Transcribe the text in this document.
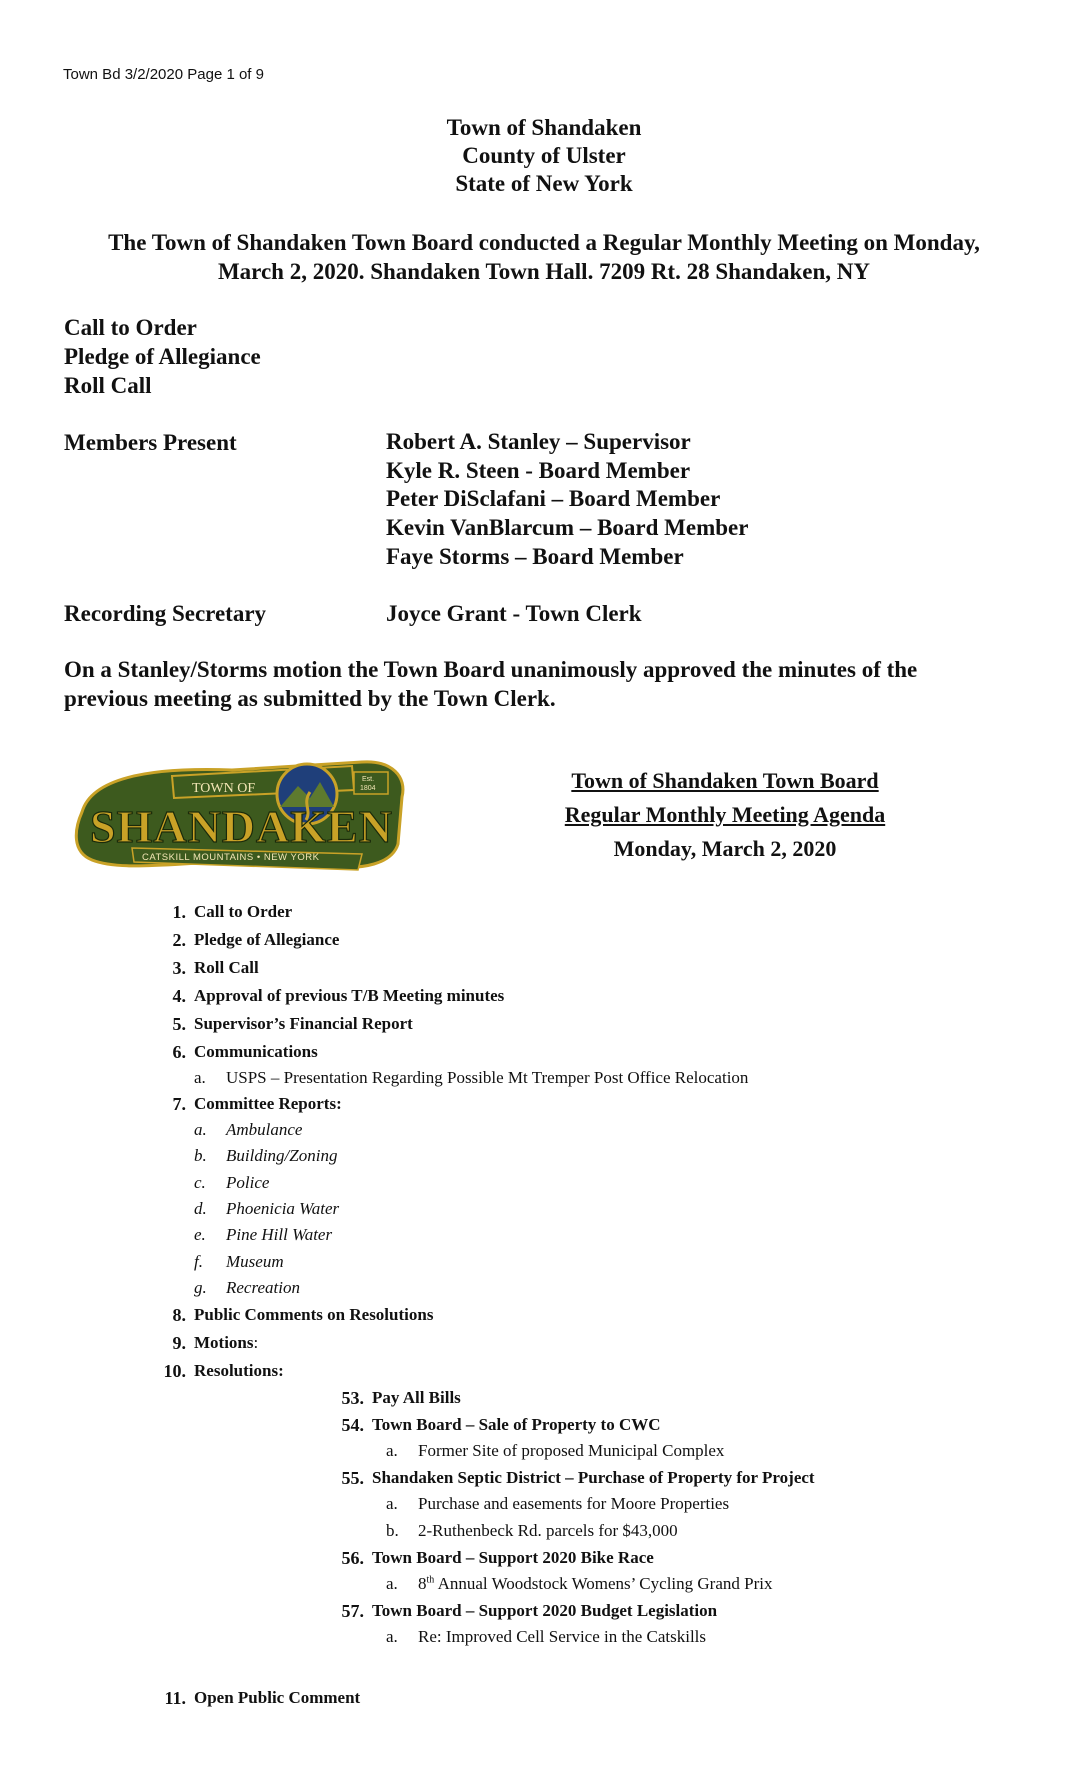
Town Bd 3/2/2020 Page 1 of 9
Town of Shandaken
County of Ulster
State of New York
The Town of Shandaken Town Board conducted a Regular Monthly Meeting on Monday,
March 2, 2020. Shandaken Town Hall. 7209 Rt. 28 Shandaken, NY
Call to Order
Pledge of Allegiance
Roll Call
Members Present	Robert A. Stanley – Supervisor
Kyle R. Steen - Board Member
Peter DiSclafani – Board Member
Kevin VanBlarcum – Board Member
Faye Storms – Board Member
Recording Secretary	Joyce Grant - Town Clerk
On a Stanley/Storms motion the Town Board unanimously approved the minutes of the
previous meeting as submitted by the Town Clerk.
TOWN OF
Est.
1804
SHANDAKEN
CATSKILL MOUNTAINS • NEW YORK
Town of Shandaken Town Board
Regular Monthly Meeting Agenda
Monday, March 2, 2020
1. Call to Order
2. Pledge of Allegiance
3. Roll Call
4. Approval of previous T/B Meeting minutes
5. Supervisor’s Financial Report
6. Communications
a.	USPS – Presentation Regarding Possible Mt Tremper Post Office Relocation
7. Committee Reports:
a.	Ambulance
b.	Building/Zoning
c.	Police
d.	Phoenicia Water
e.	Pine Hill Water
f.	Museum
g.	Recreation
8. Public Comments on Resolutions
9. Motions:
10. Resolutions:
53. Pay All Bills
54. Town Board – Sale of Property to CWC
a.	Former Site of proposed Municipal Complex
55. Shandaken Septic District – Purchase of Property for Project
a.	Purchase and easements for Moore Properties
b.	2-Ruthenbeck Rd. parcels for $43,000
56. Town Board – Support 2020 Bike Race
a.	8th Annual Woodstock Womens’ Cycling Grand Prix
57. Town Board – Support 2020 Budget Legislation
a.	Re: Improved Cell Service in the Catskills
11. Open Public Comment
